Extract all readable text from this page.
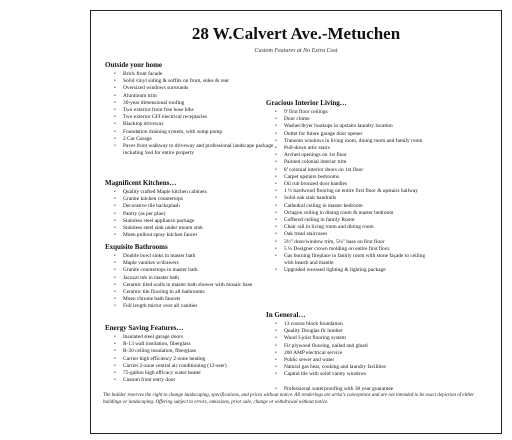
28 W.Calvert Ave.-Metuchen
Custom Features at No Extra Cost
Outside your home
• Brick front facade
• Solid vinyl siding & soffits on front, sides & rear
• Oversized windows surrounds
• Aluminum trim
• 30-year dimensional roofing
• Two exterior front free hose bibs
• Two exterior GFI electrical receptacles
• Blacktop driveway
• Foundation draining system, with sump pump
• 2 Car Garage
• Paver front walkway to driveway and professional landscape package including Sod for entire property
Magnificent Kitchens…
• Quality crafted Maple kitchen cabinets
• Granite kitchen countertops
• Decorative tile backsplash
• Pantry (as per plan)
• Stainless steel appliance package
• Stainless steel sink under mount sink
• Moen pullout spray kitchen faucet
Exquisite Bathrooms
• Double bowl sinks in master bath
• Maple vanities w/drawers
• Granite countertops in master bath
• Jacuzzi tub in master bath
• Ceramic tiled walls in master bath shower with mosaic base
• Ceramic tile flooring in all bathrooms
• Moen chrome bath faucets
• Full length mirror over all vanities
Energy Saving Features…
• Insulated steel garage doors
• R-13 wall insulation, fiberglass
• R-30 ceiling insulation, fiberglass
• Carrier high efficiency 2-zone heating
• Carrier 2-zone central air conditioning (13-seer)
• 75-gallon high efficacy water heater
• Custom front entry door
Gracious Interior Living…
• 9' first floor ceilings
• Door chime
• Washer/dryer hookups in upstairs laundry location
• Outlet for future garage door opener
• Transom windows in living room, dining room and family room
• Pull-down attic stairs
• Arched openings on 1st floor
• Painted colonial interior trim
• 8' colonial interior doors on 1st floor
• Carpet upstairs bedrooms
• Oil rub bronzed door handles
• 1 ½ hardwood flooring on entire first floor & upstairs hallway
• Solid oak stair handrails
• Cathedral ceiling in master bedroom
• Octagon ceiling in dining room & master bedroom
• Coffered ceiling in family Room
• Chair rail in living room and dining room
• Oak tread staircases
• 3½" door/window trim, 5¼" base on first floor
• 5 ¼ Designer crown molding on entire first floor.
• Gas burning fireplace in family room with stone façade to ceiling with hearth and mantle
• Upgraded recessed lighting & lighting package
In General…
• 13 course block foundation
• Quality Douglas fir lumber
• Wood I-joist flooring system
• Fir plywood flooring, nailed and glued
• 200 AMP electrical service
• Public sewer and water
• Natural gas heat, cooking and laundry facilities
• Capital tile with solid vanity windows

• Professional waterproofing with 30 year guarantee
The builder reserves the right to change landscaping, specifications, and prices without notice. All renderings are artist's conceptions and are not intended to be exact depiction of either buildings or landscaping. Offering subject to errors, omissions, prior sale, change or withdrawal without notice.
